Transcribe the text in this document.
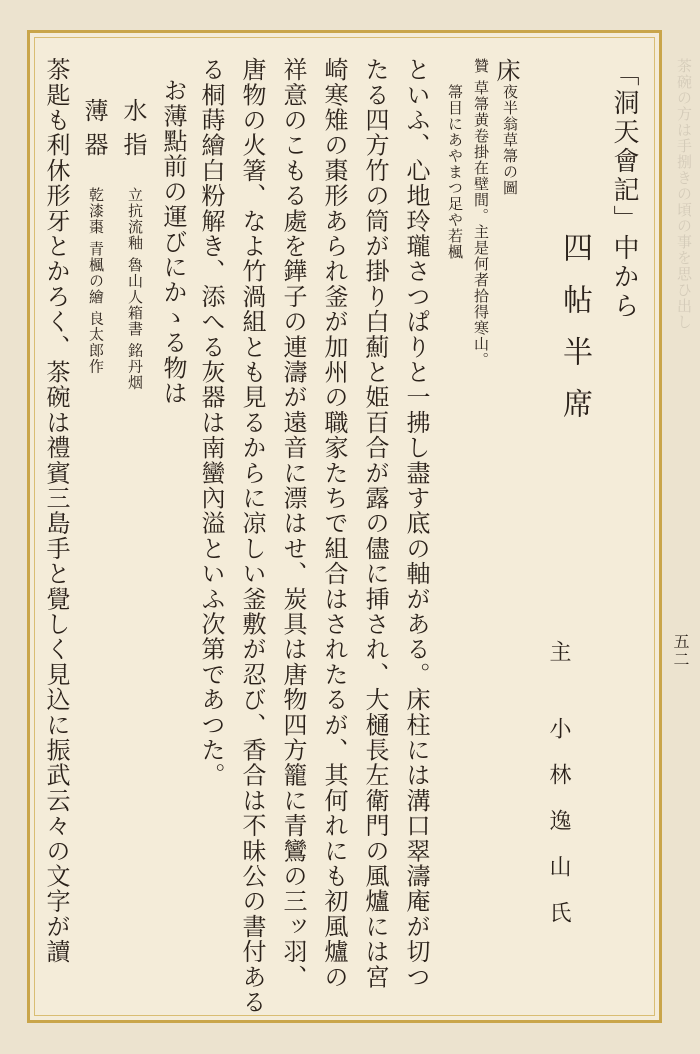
茶碗の方は手捌きの頃の事を思ひ出し
五二
「洞天會記」中から
四帖半席
主 小林逸山氏
床
夜半翁草箒の圖
贊 草箒黄卷掛在壁間。主是何者拾得寒山。
箒目にあやまつ足や若楓
といふ、心地玲瓏さつぱりと一拂し盡す底の軸がある。床柱には溝口翠濤庵が切つ
たる四方竹の筒が掛り白薊と姫百合が露の儘に挿され、大樋長左衛門の風爐には宮
崎寒雉の棗形あられ釜が加州の職家たちで組合はされたるが、其何れにも初風爐の
祥意のこもる處を鏵子の連濤が遠音に漂はせ、炭具は唐物四方籠に青鸞の三ッ羽、
唐物の火箸、なよ竹渦組とも見るからに凉しい釜敷が忍び、香合は不昧公の書付ある
る桐蒔繪白粉解き、添へる灰器は南蠻內溢といふ次第であつた。
お薄點前の運びにかゝる物は
水 指
立抗流釉 魯山人箱書 銘丹烟
薄 器
乾漆棗 青楓の繪 良太郎作
茶匙も利休形牙とかろく、茶碗は禮賓三島手と覺しく見込に振武云々の文字が讀
